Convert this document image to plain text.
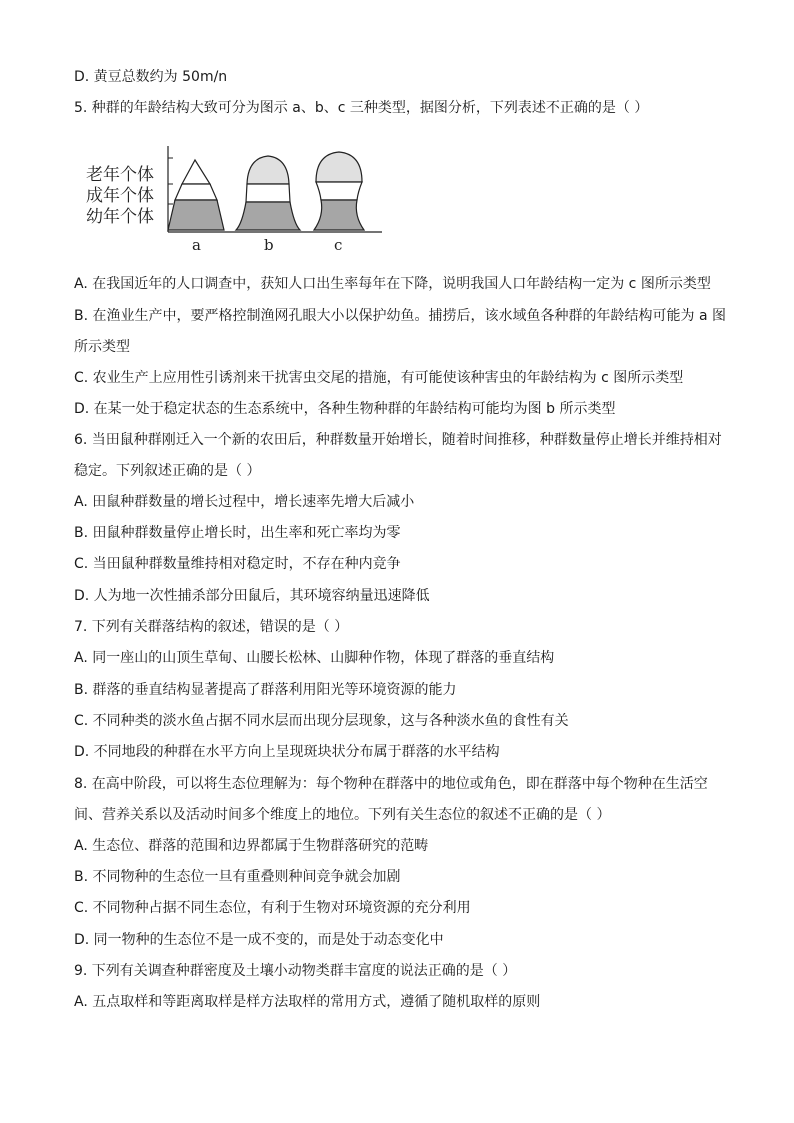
D. 黄豆总数约为 50m/n
5. 种群的年龄结构大致可分为图示 a、b、c 三种类型，据图分析，下列表述不正确的是（ ）
老年个体
成年个体
幼年个体
a	b	c
A. 在我国近年的人口调查中，获知人口出生率每年在下降，说明我国人口年龄结构一定为 c 图所示类型
B. 在渔业生产中，要严格控制渔网孔眼大小以保护幼鱼。捕捞后，该水域鱼各种群的年龄结构可能为 a 图
所示类型
C. 农业生产上应用性引诱剂来干扰害虫交尾的措施，有可能使该种害虫的年龄结构为 c 图所示类型
D. 在某一处于稳定状态的生态系统中，各种生物种群的年龄结构可能均为图 b 所示类型
6. 当田鼠种群刚迁入一个新的农田后，种群数量开始增长，随着时间推移，种群数量停止增长并维持相对
稳定。下列叙述正确的是（ ）
A. 田鼠种群数量的增长过程中，增长速率先增大后减小
B. 田鼠种群数量停止增长时，出生率和死亡率均为零
C. 当田鼠种群数量维持相对稳定时，不存在种内竞争
D. 人为地一次性捕杀部分田鼠后，其环境容纳量迅速降低
7. 下列有关群落结构的叙述，错误的是（ ）
A. 同一座山的山顶生草甸、山腰长松林、山脚种作物，体现了群落的垂直结构
B. 群落的垂直结构显著提高了群落利用阳光等环境资源的能力
C. 不同种类的淡水鱼占据不同水层而出现分层现象，这与各种淡水鱼的食性有关
D. 不同地段的种群在水平方向上呈现斑块状分布属于群落的水平结构
8. 在高中阶段，可以将生态位理解为：每个物种在群落中的地位或角色，即在群落中每个物种在生活空
间、营养关系以及活动时间多个维度上的地位。下列有关生态位的叙述不正确的是（ ）
A. 生态位、群落的范围和边界都属于生物群落研究的范畴
B. 不同物种的生态位一旦有重叠则种间竞争就会加剧
C. 不同物种占据不同生态位，有利于生物对环境资源的充分利用
D. 同一物种的生态位不是一成不变的，而是处于动态变化中
9. 下列有关调查种群密度及土壤小动物类群丰富度的说法正确的是（ ）
A. 五点取样和等距离取样是样方法取样的常用方式，遵循了随机取样的原则
